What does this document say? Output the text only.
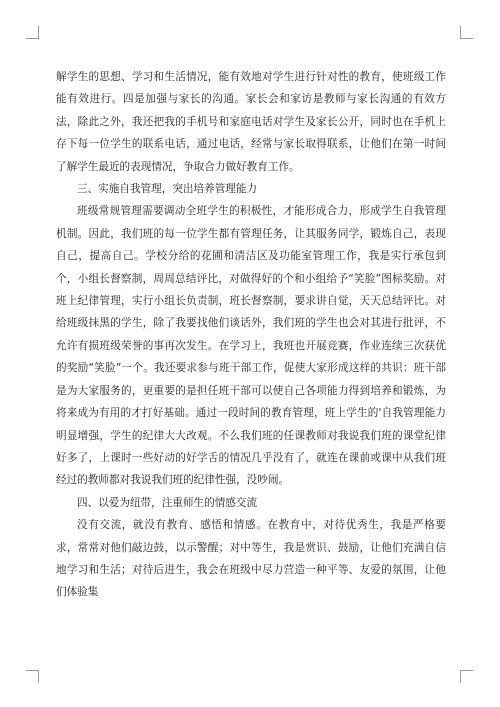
解学生的思想、学习和生活情况，能有效地对学生进行针对性的教育，使班级工作能有效进行。四是加强与家长的沟通。家长会和家访是教师与家长沟通的有效方法，除此之外，我还把我的手机号和家庭电话对学生及家长公开，同时也在手机上存下每一位学生的联系电话，通过电话，经常与家长取得联系，让他们在第一时间了解学生最近的表现情况，争取合力做好教育工作。

三、实施自我管理，突出培养管理能力

班级常规管理需要调动全班学生的积极性，才能形成合力，形成学生自我管理机制。因此，我们班的每一位学生都有管理任务，让其服务同学，锻炼自己，表现自己，提高自己。学校分给的花圃和清洁区及功能室管理工作，我是实行承包到个，小组长督察制，周周总结评比，对做得好的个和小组给予“笑脸”图标奖励。对班上纪律管理，实行小组长负责制，班长督察制，要求讲自觉，天天总结评比。对给班级抹黑的学生，除了我要找他们谈话外，我们班的学生也会对其进行批评，不允许有损班级荣誉的事再次发生。在学习上，我班也开展竞赛，作业连续三次获优的奖励“笑脸”一个。我还要求参与班干部工作，促使大家形成这样的共识：班干部是为大家服务的，更重要的是担任班干部可以使自己各项能力得到培养和锻炼，为将来成为有用的才打好基础。通过一段时间的教育管理，班上学生的'自我管理能力明显增强，学生的纪律大大改观。不么我们班的任课教师对我说我们班的课堂纪律好多了，上课时一些好动的好学舌的情况几乎没有了，就连在课前或课中从我们班经过的教师都对我说我们班的纪律性强，没吵闹。

四、以爱为纽带，注重师生的情感交流

没有交流，就没有教育、感悟和情感。在教育中，对待优秀生，我是严格要求，常常对他们敲边鼓，以示警醒；对中等生，我是赏识、鼓励，让他们充满自信地学习和生活；对待后进生，我会在班级中尽力营造一种平等、友爱的氛围，让他们体验集
